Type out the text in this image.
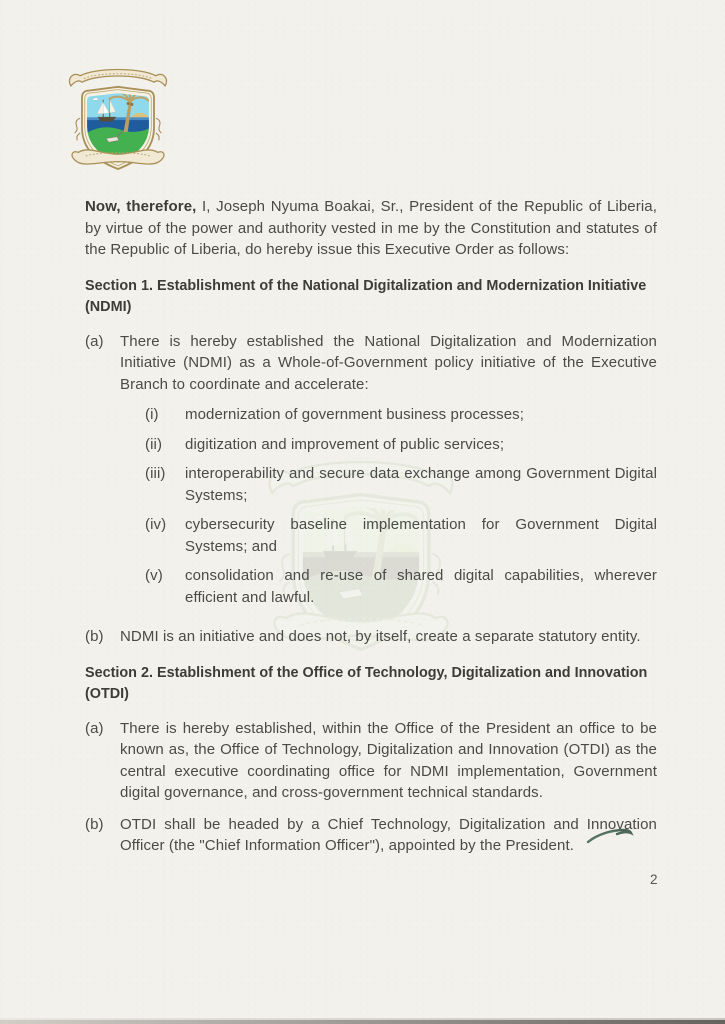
Now, therefore, I, Joseph Nyuma Boakai, Sr., President of the Republic of Liberia, by virtue of the power and authority vested in me by the Constitution and statutes of the Republic of Liberia, do hereby issue this Executive Order as follows:

Section 1. Establishment of the National Digitalization and Modernization Initiative (NDMI)
(a)	There is hereby established the National Digitalization and Modernization Initiative (NDMI) as a Whole-of-Government policy initiative of the Executive Branch to coordinate and accelerate:

(i)	modernization of government business processes;

(ii)	digitization and improvement of public services;

(iii)	interoperability and secure data exchange among Government Digital Systems;

(iv)	cybersecurity baseline implementation for Government Digital Systems; and

(v)	consolidation and re-use of shared digital capabilities, wherever efficient and lawful.

(b)	NDMI is an initiative and does not, by itself, create a separate statutory entity.

Section 2. Establishment of the Office of Technology, Digitalization and Innovation (OTDI)
(a)	There is hereby established, within the Office of the President an office to be known as, the Office of Technology, Digitalization and Innovation (OTDI) as the central executive coordinating office for NDMI implementation, Government digital governance, and cross-government technical standards.

(b)	OTDI shall be headed by a Chief Technology, Digitalization and Innovation Officer (the "Chief Information Officer"), appointed by the President.

2
